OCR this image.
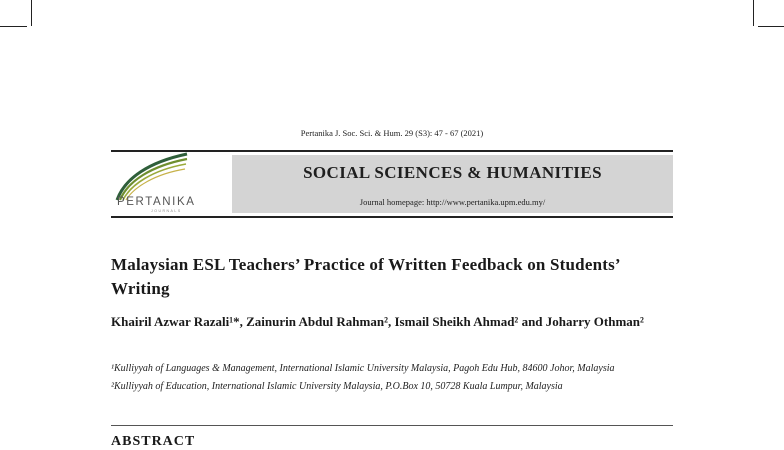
Pertanika J. Soc. Sci. & Hum. 29 (S3): 47 - 67 (2021)
PERTANIKA
JOURNALS
SOCIAL SCIENCES & HUMANITIES
Journal homepage: http://www.pertanika.upm.edu.my/
Malaysian ESL Teachers’ Practice of Written Feedback on Students’ Writing
Khairil Azwar Razali¹*, Zainurin Abdul Rahman², Ismail Sheikh Ahmad² and Joharry Othman²
¹Kulliyyah of Languages & Management, International Islamic University Malaysia, Pagoh Edu Hub, 84600 Johor, Malaysia
²Kulliyyah of Education, International Islamic University Malaysia, P.O.Box 10, 50728 Kuala Lumpur, Malaysia
ABSTRACT
